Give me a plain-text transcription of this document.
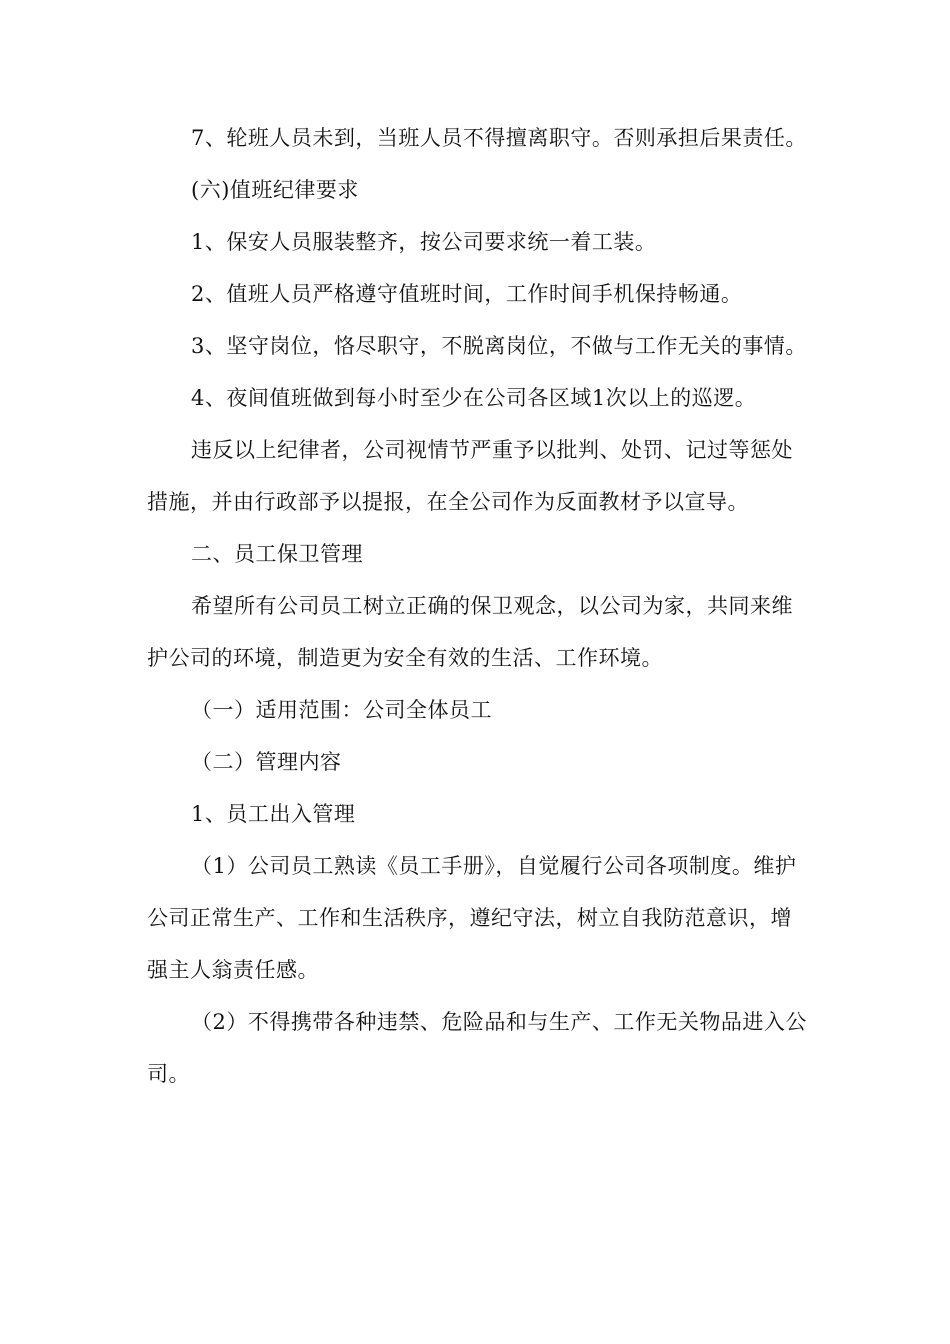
7、轮班人员未到，当班人员不得擅离职守。否则承担后果责任。

(六)值班纪律要求

1、保安人员服装整齐，按公司要求统一着工装。

2、值班人员严格遵守值班时间，工作时间手机保持畅通。

3、坚守岗位，恪尽职守，不脱离岗位，不做与工作无关的事情。

4、夜间值班做到每小时至少在公司各区域1次以上的巡逻。

违反以上纪律者，公司视情节严重予以批判、处罚、记过等惩处措施，并由行政部予以提报，在全公司作为反面教材予以宣导。

二、员工保卫管理

希望所有公司员工树立正确的保卫观念，以公司为家，共同来维护公司的环境，制造更为安全有效的生活、工作环境。

（一）适用范围：公司全体员工

（二）管理内容

1、员工出入管理

（1）公司员工熟读《员工手册》，自觉履行公司各项制度。维护公司正常生产、工作和生活秩序，遵纪守法，树立自我防范意识，增强主人翁责任感。

（2）不得携带各种违禁、危险品和与生产、工作无关物品进入公司。
